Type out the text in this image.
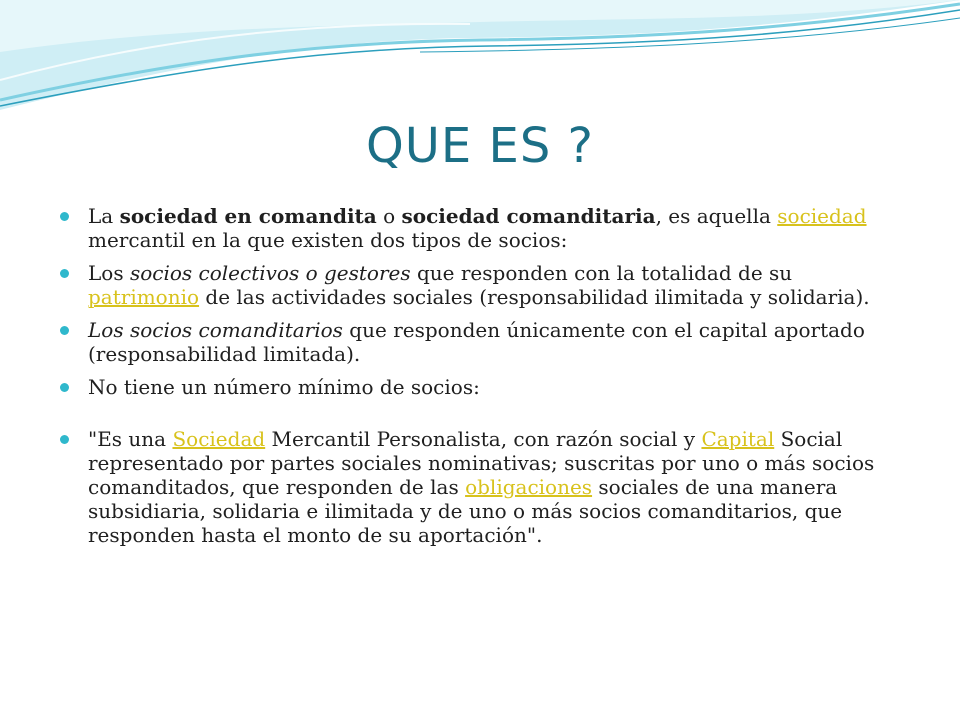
QUE ES ?
La sociedad en comandita o sociedad comanditaria, es aquella sociedad mercantil en la que existen dos tipos de socios:
Los socios colectivos o gestores que responden con la totalidad de su patrimonio de las actividades sociales (responsabilidad ilimitada y solidaria).
Los socios comanditarios que responden únicamente con el capital aportado (responsabilidad limitada).
No tiene un número mínimo de socios:
"Es una Sociedad Mercantil Personalista, con razón social y Capital Social representado por partes sociales nominativas; suscritas por uno o más socios comanditados, que responden de las obligaciones sociales de una manera subsidiaria, solidaria e ilimitada y de uno o más socios comanditarios, que responden hasta el monto de su aportación".
